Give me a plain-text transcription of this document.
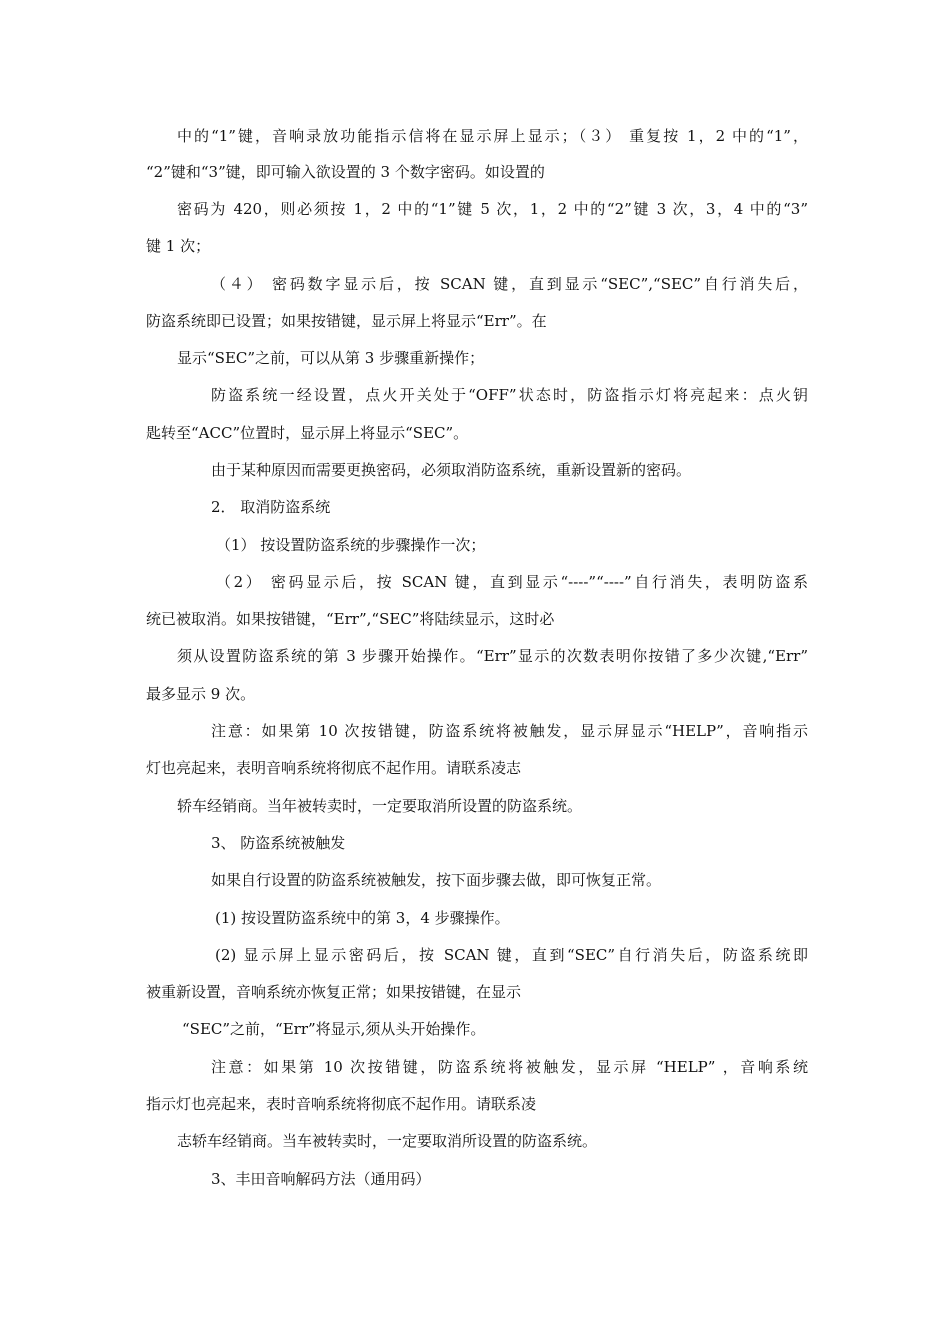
中的“1”键，音响录放功能指示信将在显示屏上显示；（３） 重复按 1，2 中的“1”，
“2”键和“3”键，即可输入欲设置的 3 个数字密码。如设置的
密码为 420，则必须按 1，2 中的“1”键 5 次，1，2 中的“2”键 3 次，3，4 中的“3”
键 1 次；
（４） 密码数字显示后，按 SCAN 键，直到显示“SEC”,“SEC”自行消失后，
防盗系统即已设置；如果按错键，显示屏上将显示“Err”。在
显示“SEC”之前，可以从第 3 步骤重新操作；
防盗系统一经设置，点火开关处于“OFF”状态时，防盗指示灯将亮起来：点火钥
匙转至“ACC”位置时，显示屏上将显示“SEC”。
由于某种原因而需要更换密码，必须取消防盗系统，重新设置新的密码。
2． 取消防盗系统
（1） 按设置防盗系统的步骤操作一次；
（2） 密码显示后，按 SCAN 键，直到显示“----”“----”自行消失，表明防盗系
统已被取消。如果按错键，“Err”,“SEC”将陆续显示，这时必
须从设置防盗系统的第 3 步骤开始操作。“Err”显示的次数表明你按错了多少次键,“Err”
最多显示 9 次。
注意：如果第 10 次按错键，防盗系统将被触发，显示屏显示“HELP”，音响指示
灯也亮起来，表明音响系统将彻底不起作用。请联系凌志
轿车经销商。当年被转卖时，一定要取消所设置的防盗系统。
3、 防盗系统被触发
如果自行设置的防盗系统被触发，按下面步骤去做，即可恢复正常。
(1) 按设置防盗系统中的第 3，4 步骤操作。
(2) 显示屏上显示密码后，按 SCAN 键，直到“SEC”自行消失后，防盗系统即
被重新设置，音响系统亦恢复正常；如果按错键，在显示
“SEC”之前，“Err”将显示,须从头开始操作。
注意：如果第 10 次按错键，防盗系统将被触发，显示屏 “HELP” ，音响系统
指示灯也亮起来，表时音响系统将彻底不起作用。请联系凌
志轿车经销商。当车被转卖时，一定要取消所设置的防盗系统。
3、丰田音响解码方法（通用码）
